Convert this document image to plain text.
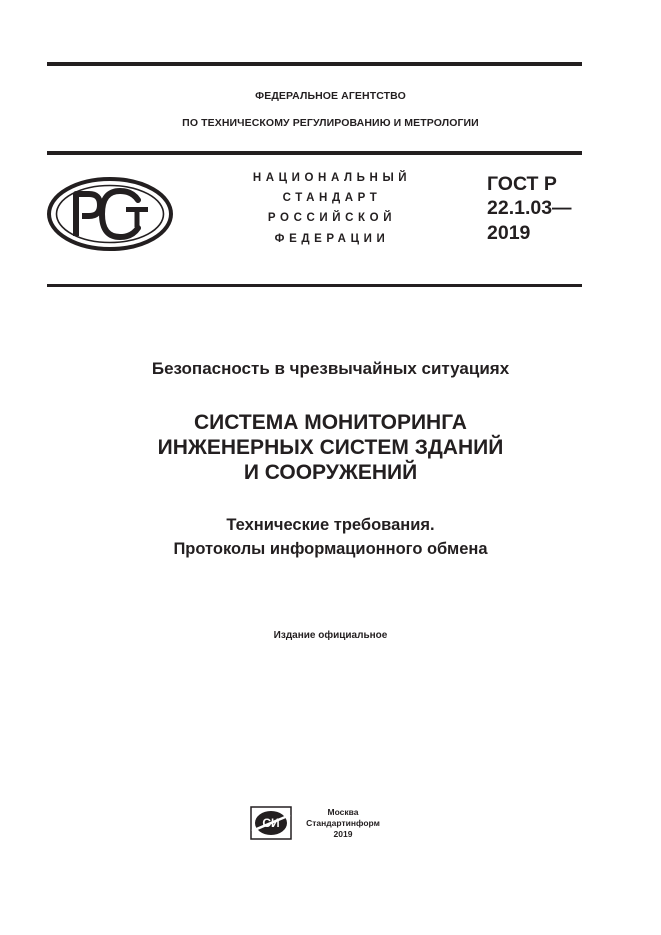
ФЕДЕРАЛЬНОЕ АГЕНТСТВО
ПО ТЕХНИЧЕСКОМУ РЕГУЛИРОВАНИЮ И МЕТРОЛОГИИ
НАЦИОНАЛЬНЫЙ
СТАНДАРТ
РОССИЙСКОЙ
ФЕДЕРАЦИИ
ГОСТ Р
22.1.03—
2019
Безопасность в чрезвычайных ситуациях
СИСТЕМА МОНИТОРИНГА
ИНЖЕНЕРНЫХ СИСТЕМ ЗДАНИЙ
И СООРУЖЕНИЙ
Технические требования.
Протоколы информационного обмена
Издание официальное
СИ
Москва
Стандартинформ
2019
